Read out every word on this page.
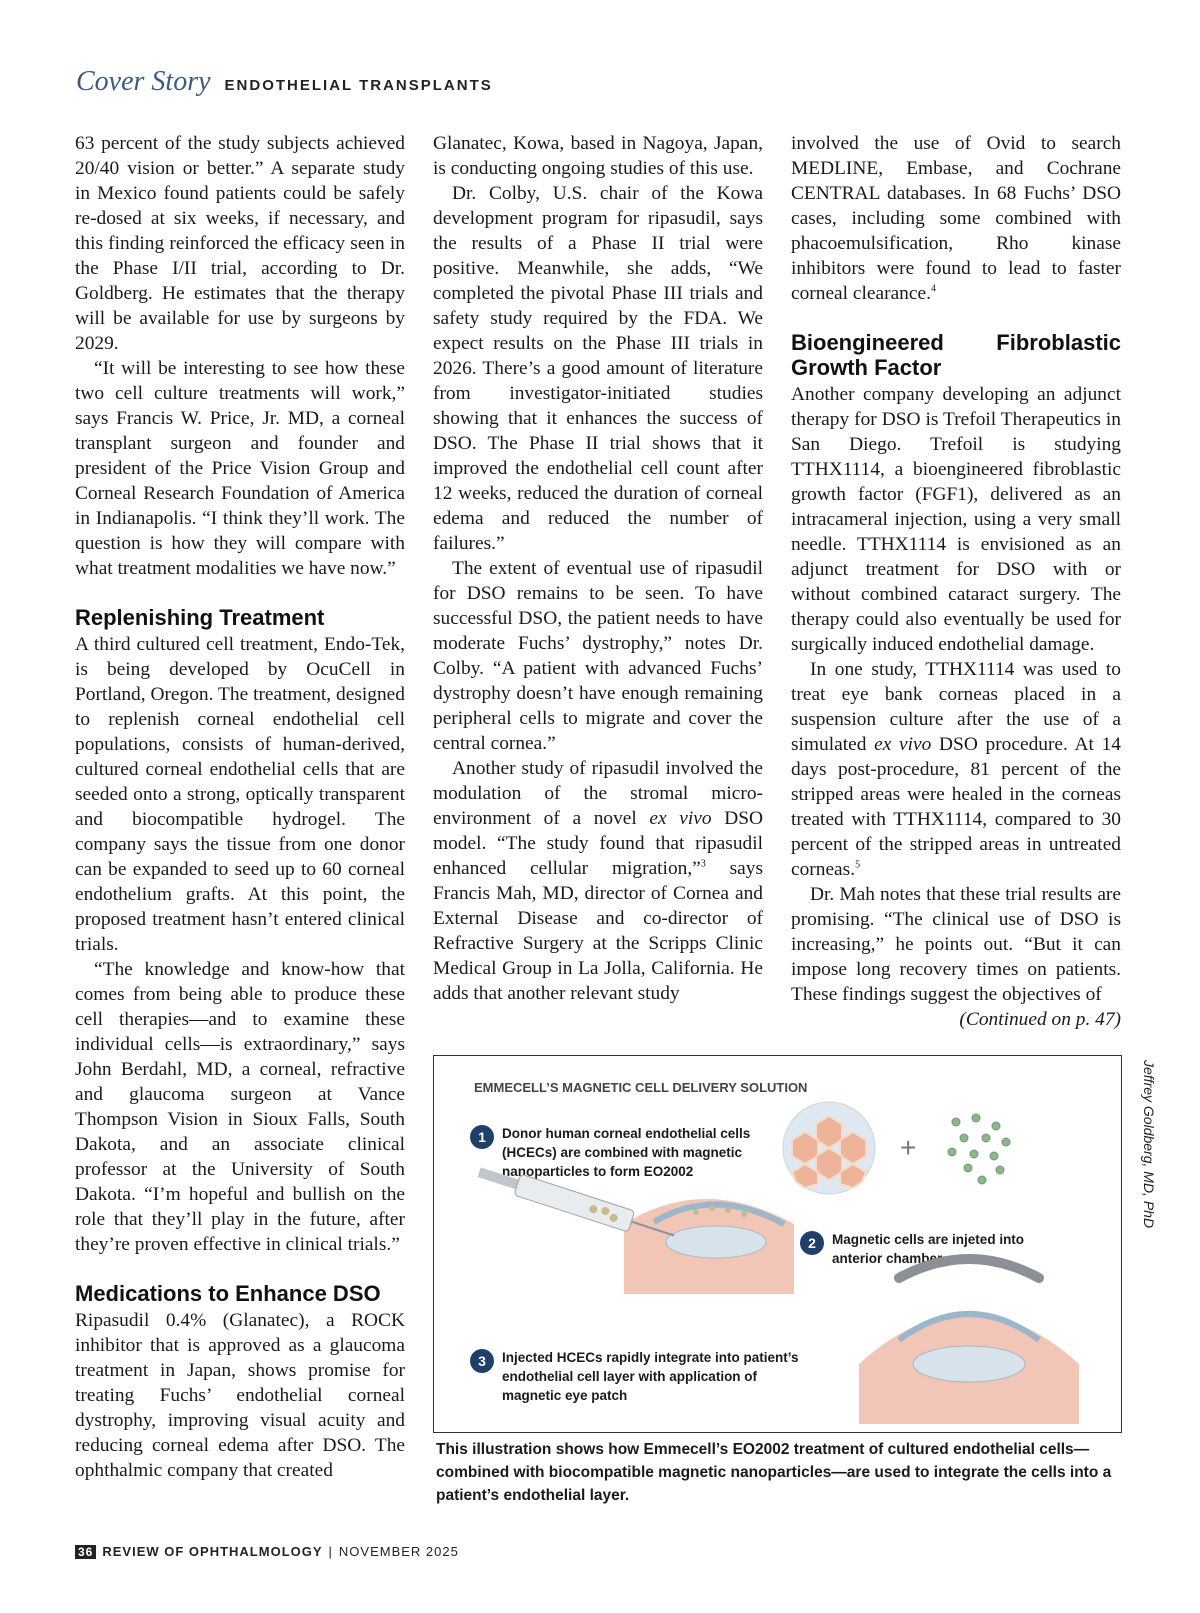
Cover Story ENDOTHELIAL TRANSPLANTS

63 percent of the study subjects achieved 20/40 vision or better.” A separate study in Mexico found patients could be safely re-dosed at six weeks, if necessary, and this finding reinforced the efficacy seen in the Phase I/II trial, according to Dr. Goldberg. He estimates that the therapy will be available for use by surgeons by 2029.

“It will be interesting to see how these two cell culture treatments will work,” says Francis W. Price, Jr. MD, a corneal transplant surgeon and founder and president of the Price Vision Group and Corneal Research Foundation of America in Indianapolis. “I think they’ll work. The question is how they will compare with what treatment modalities we have now.”

Replenishing Treatment

A third cultured cell treatment, Endo-Tek, is being developed by OcuCell in Portland, Oregon. The treatment, designed to replenish corneal endothelial cell populations, consists of human-derived, cultured corneal endothelial cells that are seeded onto a strong, optically transparent and biocompatible hydrogel. The company says the tissue from one donor can be expanded to seed up to 60 corneal endothelium grafts. At this point, the proposed treatment hasn’t entered clinical trials.

“The knowledge and know-how that comes from being able to produce these cell therapies—and to examine these individual cells—is extraordinary,” says John Berdahl, MD, a corneal, refractive and glaucoma surgeon at Vance Thompson Vision in Sioux Falls, South Dakota, and an associate clinical professor at the University of South Dakota. “I’m hopeful and bullish on the role that they’ll play in the future, after they’re proven effective in clinical trials.”

Medications to Enhance DSO

Ripasudil 0.4% (Glanatec), a ROCK inhibitor that is approved as a glaucoma treatment in Japan, shows promise for treating Fuchs’ endothelial corneal dystrophy, improving visual acuity and reducing corneal edema after DSO. The ophthalmic company that created

Glanatec, Kowa, based in Nagoya, Japan, is conducting ongoing studies of this use.

Dr. Colby, U.S. chair of the Kowa development program for ripasudil, says the results of a Phase II trial were positive. Meanwhile, she adds, “We completed the pivotal Phase III trials and safety study required by the FDA. We expect results on the Phase III trials in 2026. There’s a good amount of literature from investigator-initiated studies showing that it enhances the success of DSO. The Phase II trial shows that it improved the endothelial cell count after 12 weeks, reduced the duration of corneal edema and reduced the number of failures.”

The extent of eventual use of ripasudil for DSO remains to be seen. To have successful DSO, the patient needs to have moderate Fuchs’ dystrophy,” notes Dr. Colby. “A patient with advanced Fuchs’ dystrophy doesn’t have enough remaining peripheral cells to migrate and cover the central cornea.”

Another study of ripasudil involved the modulation of the stromal micro-environment of a novel ex vivo DSO model. “The study found that ripasudil enhanced cellular migration,”$^3$ says Francis Mah, MD, director of Cornea and External Disease and co-director of Refractive Surgery at the Scripps Clinic Medical Group in La Jolla, California. He adds that another relevant study

involved the use of Ovid to search MEDLINE, Embase, and Cochrane CENTRAL databases. In 68 Fuchs’ DSO cases, including some combined with phacoemulsification, Rho kinase inhibitors were found to lead to faster corneal clearance.$^4$

Bioengineered Fibroblastic Growth Factor

Another company developing an adjunct therapy for DSO is Trefoil Therapeutics in San Diego. Trefoil is studying TTHX1114, a bioengineered fibroblastic growth factor (FGF1), delivered as an intracameral injection, using a very small needle. TTHX1114 is envisioned as an adjunct treatment for DSO with or without combined cataract surgery. The therapy could also eventually be used for surgically induced endothelial damage.

In one study, TTHX1114 was used to treat eye bank corneas placed in a suspension culture after the use of a simulated ex vivo DSO procedure. At 14 days post-procedure, 81 percent of the stripped areas were healed in the corneas treated with TTHX1114, compared to 30 percent of the stripped areas in untreated corneas.$^5$

Dr. Mah notes that these trial results are promising. “The clinical use of DSO is increasing,” he points out. “But it can impose long recovery times on patients. These findings suggest the objectives of

(Continued on p. 47)

EMMECELL’S MAGNETIC CELL DELIVERY SOLUTION
1	Donor human corneal endothelial cells (HCECs) are combined with magnetic nanoparticles to form EO2002
2	Magnetic cells are injeted into anterior chamber
3	Injected HCECs rapidly integrate into patient’s endothelial cell layer with application of magnetic eye patch
+	Jeffrey Goldberg, MD, PhD
This illustration shows how Emmecell’s EO2002 treatment of cultured endothelial cells—combined with biocompatible magnetic nanoparticles—are used to integrate the cells into a patient’s endothelial layer.
36 REVIEW OF OPHTHALMOLOGY | NOVEMBER 2025
